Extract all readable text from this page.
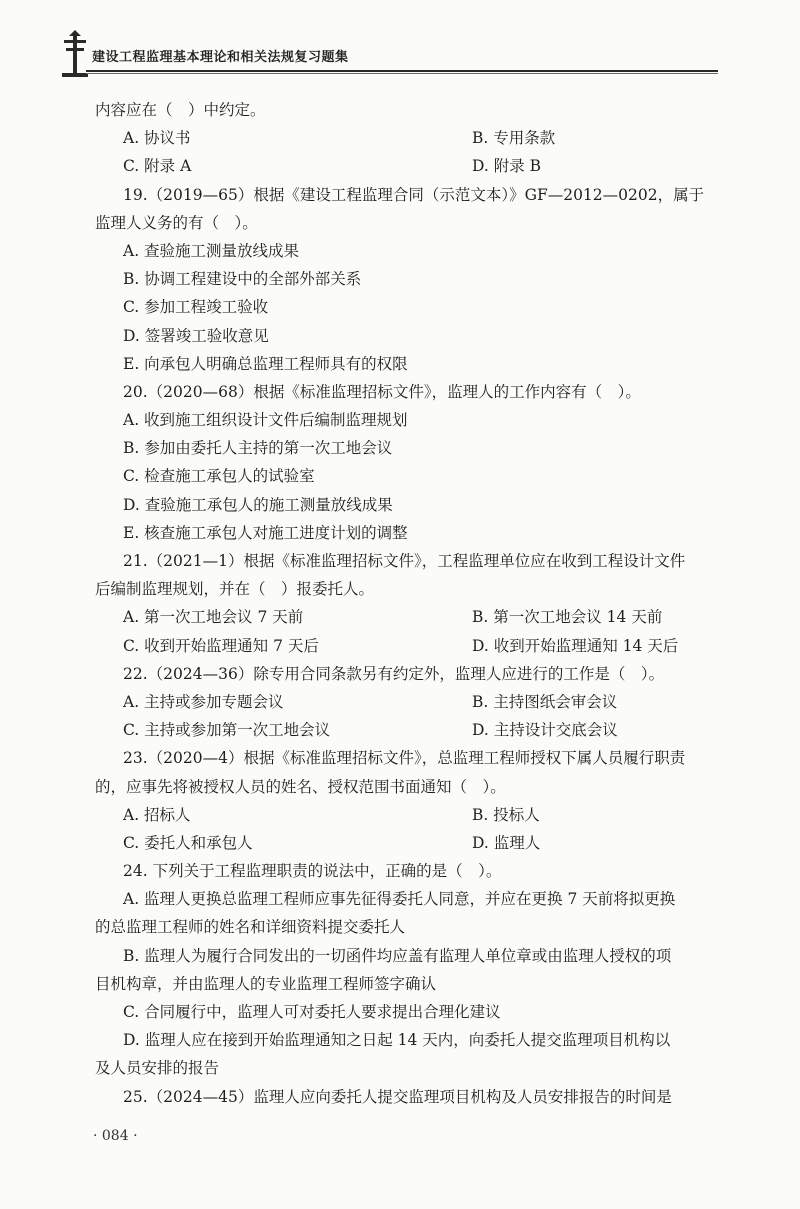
建设工程监理基本理论和相关法规复习题集
内容应在（　）中约定。
A. 协议书	B. 专用条款
C. 附录 A	D. 附录 B
19.（2019—65）根据《建设工程监理合同（示范文本）》GF—2012—0202，属于
监理人义务的有（　）。
A. 查验施工测量放线成果
B. 协调工程建设中的全部外部关系
C. 参加工程竣工验收
D. 签署竣工验收意见
E. 向承包人明确总监理工程师具有的权限
20.（2020—68）根据《标准监理招标文件》，监理人的工作内容有（　）。
A. 收到施工组织设计文件后编制监理规划
B. 参加由委托人主持的第一次工地会议
C. 检查施工承包人的试验室
D. 查验施工承包人的施工测量放线成果
E. 核查施工承包人对施工进度计划的调整
21.（2021—1）根据《标准监理招标文件》，工程监理单位应在收到工程设计文件
后编制监理规划，并在（　）报委托人。
A. 第一次工地会议 7 天前	B. 第一次工地会议 14 天前
C. 收到开始监理通知 7 天后	D. 收到开始监理通知 14 天后
22.（2024—36）除专用合同条款另有约定外，监理人应进行的工作是（　）。
A. 主持或参加专题会议	B. 主持图纸会审会议
C. 主持或参加第一次工地会议	D. 主持设计交底会议
23.（2020—4）根据《标准监理招标文件》，总监理工程师授权下属人员履行职责
的，应事先将被授权人员的姓名、授权范围书面通知（　）。
A. 招标人	B. 投标人
C. 委托人和承包人	D. 监理人
24. 下列关于工程监理职责的说法中，正确的是（　）。
A. 监理人更换总监理工程师应事先征得委托人同意，并应在更换 7 天前将拟更换
的总监理工程师的姓名和详细资料提交委托人
B. 监理人为履行合同发出的一切函件均应盖有监理人单位章或由监理人授权的项
目机构章，并由监理人的专业监理工程师签字确认
C. 合同履行中，监理人可对委托人要求提出合理化建议
D. 监理人应在接到开始监理通知之日起 14 天内，向委托人提交监理项目机构以
及人员安排的报告
25.（2024—45）监理人应向委托人提交监理项目机构及人员安排报告的时间是
· 084 ·
